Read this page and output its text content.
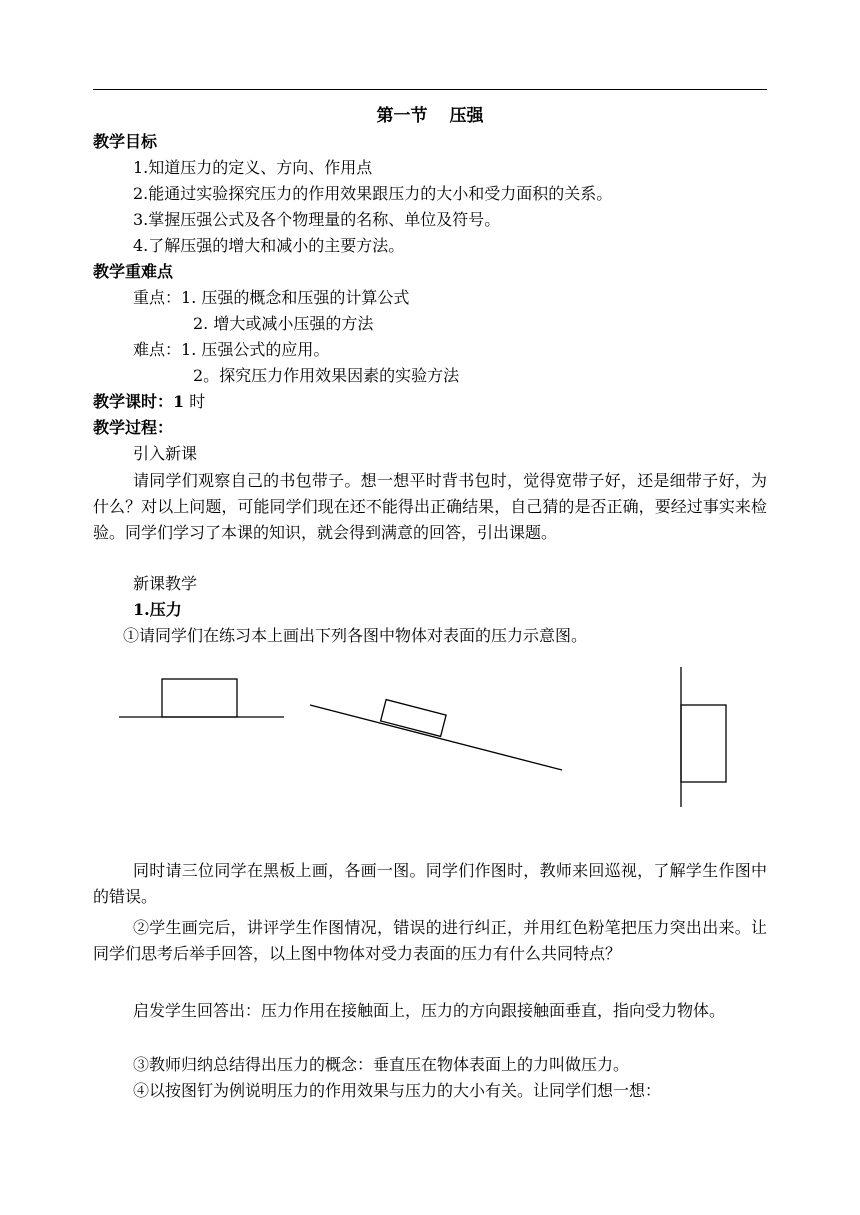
第一节 压强
教学目标
1.知道压力的定义、方向、作用点
2.能通过实验探究压力的作用效果跟压力的大小和受力面积的关系。
3.掌握压强公式及各个物理量的名称、单位及符号。
4.了解压强的增大和减小的主要方法。
教学重难点
重点：1. 压强的概念和压强的计算公式
2. 增大或减小压强的方法
难点：1. 压强公式的应用。
2。探究压力作用效果因素的实验方法
教学课时：1 时
教学过程：
引入新课
请同学们观察自己的书包带子。想一想平时背书包时，觉得宽带子好，还是细带子好，为什么？对以上问题，可能同学们现在还不能得出正确结果，自己猜的是否正确，要经过事实来检验。同学们学习了本课的知识，就会得到满意的回答，引出课题。
新课教学
1.压力
①请同学们在练习本上画出下列各图中物体对表面的压力示意图。
同时请三位同学在黑板上画，各画一图。同学们作图时，教师来回巡视，了解学生作图中的错误。
②学生画完后，讲评学生作图情况，错误的进行纠正，并用红色粉笔把压力突出出来。让同学们思考后举手回答，以上图中物体对受力表面的压力有什么共同特点？
启发学生回答出：压力作用在接触面上，压力的方向跟接触面垂直，指向受力物体。
③教师归纳总结得出压力的概念：垂直压在物体表面上的力叫做压力。
④以按图钉为例说明压力的作用效果与压力的大小有关。让同学们想一想：
